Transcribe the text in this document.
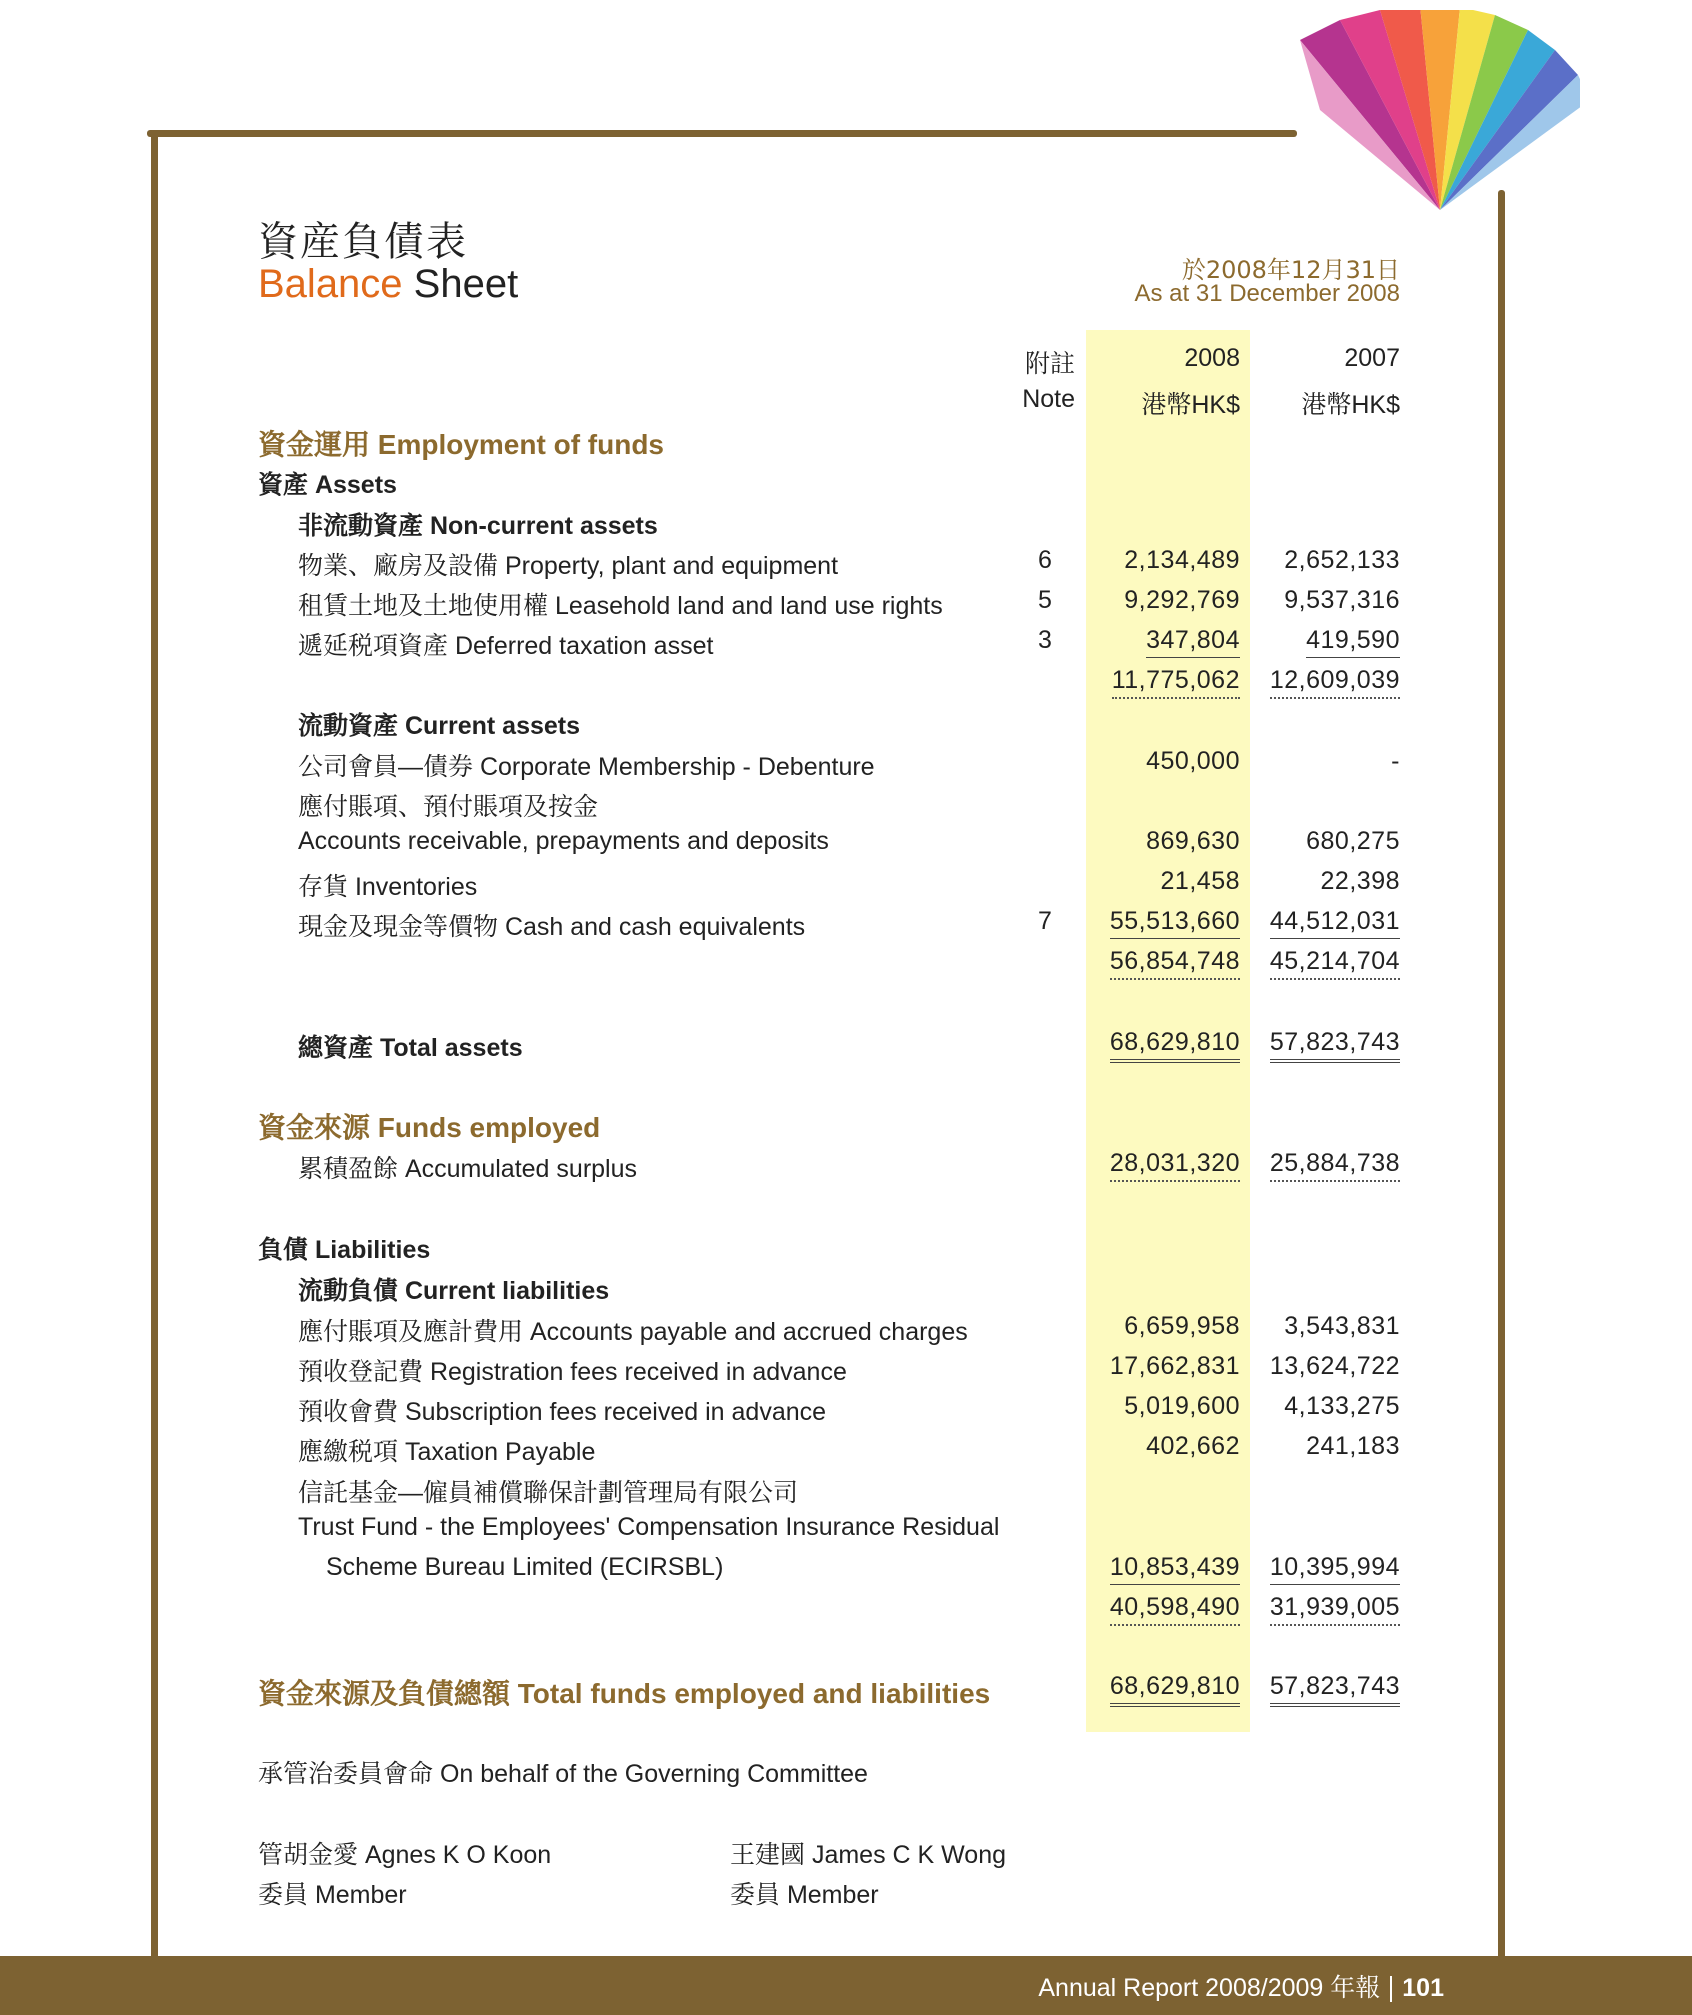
資産負債表
Balance Sheet	於2008年12月31日
As at 31 December 2008
附註
Note
2008	2007
港幣HK$ 港幣HK$
資金運用 Employment of funds
資產 Assets
非流動資產 Non-current assets
物業、廠房及設備 Property, plant and equipment	6	2,134,489 2,652,133
租賃土地及土地使用權 Leasehold land and land use rights	5	9,292,769 9,537,316
遞延税項資產 Deferred taxation asset	3	347,804	419,590
11,775,062 12,609,039
流動資產 Current assets
公司會員—債券 Corporate Membership - Debenture	450,000	-
應付賬項、預付賬項及按金
Accounts receivable, prepayments and deposits	869,630	680,275
存貨 Inventories	21,458	22,398
現金及現金等價物 Cash and cash equivalents	7	55,513,660 44,512,031
56,854,748 45,214,704
總資產 Total assets	68,629,810 57,823,743
資金來源 Funds employed
累積盈餘 Accumulated surplus	28,031,320 25,884,738
負債 Liabilities
流動負債 Current liabilities
應付賬項及應計費用 Accounts payable and accrued charges	6,659,958 3,543,831
預收登記費 Registration fees received in advance	17,662,831 13,624,722
預收會費 Subscription fees received in advance	5,019,600 4,133,275
應繳税項 Taxation Payable	402,662	241,183
信託基金—僱員補償聯保計劃管理局有限公司
Trust Fund - the Employees' Compensation Insurance Residual
Scheme Bureau Limited (ECIRSBL)	10,853,439 10,395,994
40,598,490 31,939,005
資金來源及負債總額 Total funds employed and liabilities	68,629,810 57,823,743
承管治委員會命 On behalf of the Governing Committee
管胡金愛 Agnes K O Koon
委員 Member
王建國 James C K Wong
委員 Member
Annual Report 2008/2009 年報 101
